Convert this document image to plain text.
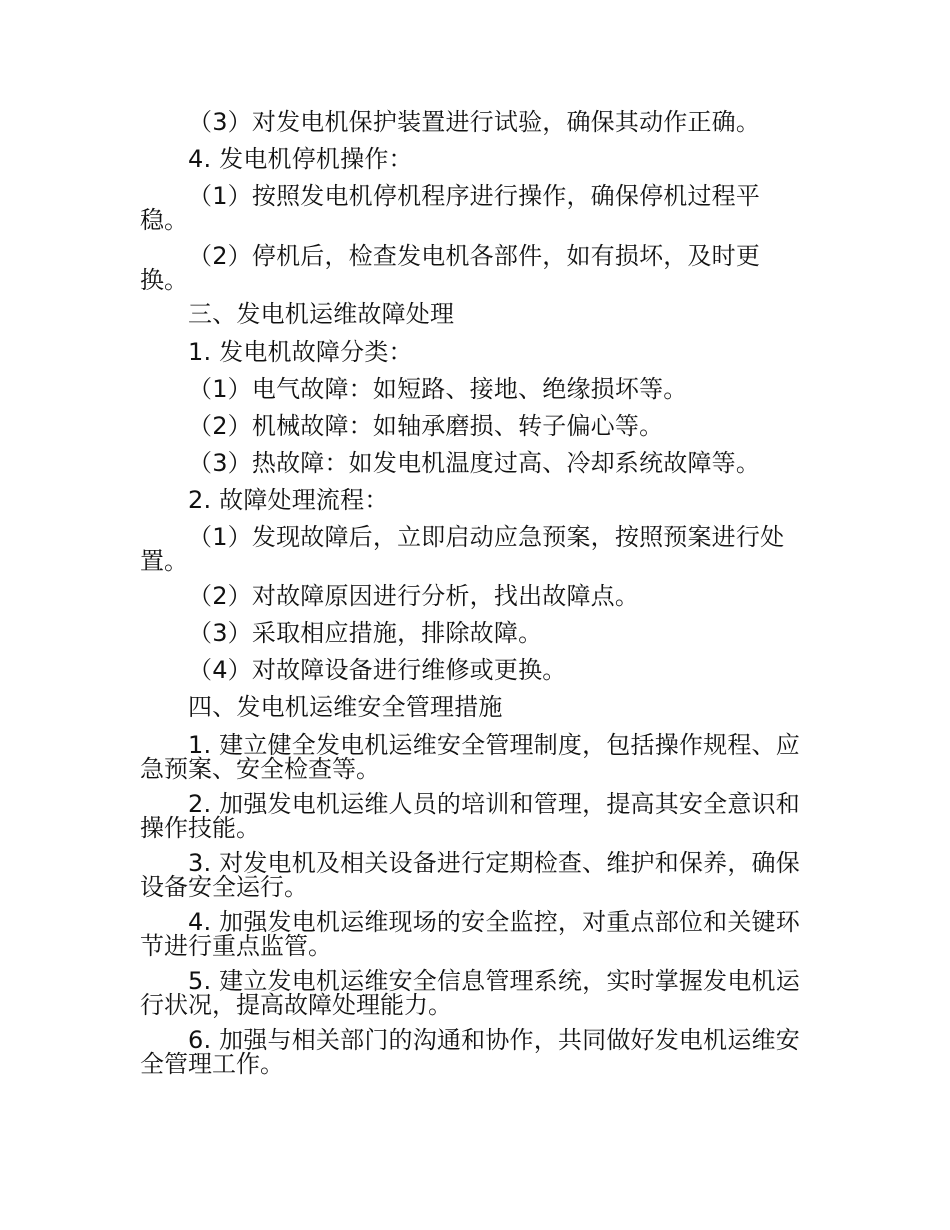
（3）对发电机保护装置进行试验，确保其动作正确。
4. 发电机停机操作：
（1）按照发电机停机程序进行操作，确保停机过程平
稳。
（2）停机后，检查发电机各部件，如有损坏，及时更
换。
三、发电机运维故障处理
1. 发电机故障分类：
（1）电气故障：如短路、接地、绝缘损坏等。
（2）机械故障：如轴承磨损、转子偏心等。
（3）热故障：如发电机温度过高、冷却系统故障等。
2. 故障处理流程：
（1）发现故障后，立即启动应急预案，按照预案进行处
置。
（2）对故障原因进行分析，找出故障点。
（3）采取相应措施，排除故障。
（4）对故障设备进行维修或更换。
四、发电机运维安全管理措施
1. 建立健全发电机运维安全管理制度，包括操作规程、应
急预案、安全检查等。
2. 加强发电机运维人员的培训和管理，提高其安全意识和
操作技能。
3. 对发电机及相关设备进行定期检查、维护和保养，确保
设备安全运行。
4. 加强发电机运维现场的安全监控，对重点部位和关键环
节进行重点监管。
5. 建立发电机运维安全信息管理系统，实时掌握发电机运
行状况，提高故障处理能力。
6. 加强与相关部门的沟通和协作，共同做好发电机运维安
全管理工作。
